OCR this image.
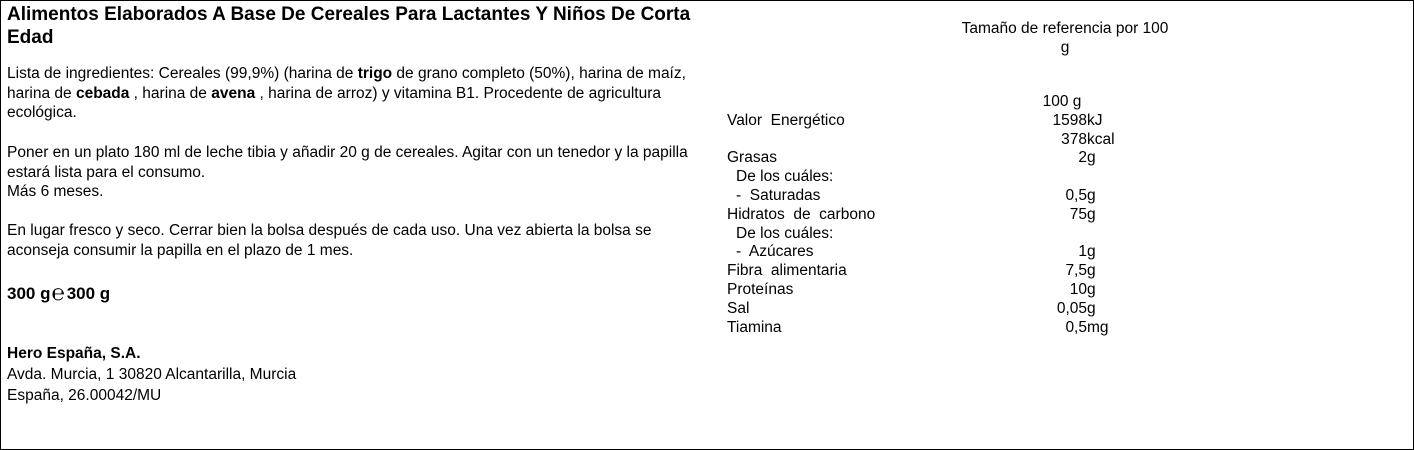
Alimentos Elaborados A Base De Cereales Para Lactantes Y Niños De Corta Edad
Lista de ingredientes: Cereales (99,9%) (harina de trigo de grano completo (50%), harina de maíz, harina de cebada , harina de avena , harina de arroz) y vitamina B1. Procedente de agricultura ecológica.
Poner en un plato 180 ml de leche tibia y añadir 20 g de cereales. Agitar con un tenedor y la papilla estará lista para el consumo.
Más 6 meses.
En lugar fresco y seco. Cerrar bien la bolsa después de cada uso. Una vez abierta la bolsa se aconseja consumir la papilla en el plazo de 1 mes.
300 g℮ 300 g
Hero España, S.A.
Avda. Murcia, 1 30820 Alcantarilla, Murcia
España, 26.00042/MU
Tamaño de referencia por 100 g
100 g
Valor  Energético	1598 kJ
378 kcal
Grasas	2 g
De los cuáles:
-  Saturadas	0,5 g
Hidratos  de  carbono	75 g
De los cuáles:
-  Azúcares	1 g
Fibra  alimentaria	7,5 g
Proteínas	10 g
Sal	0,05 g
Tiamina	0,5 mg
